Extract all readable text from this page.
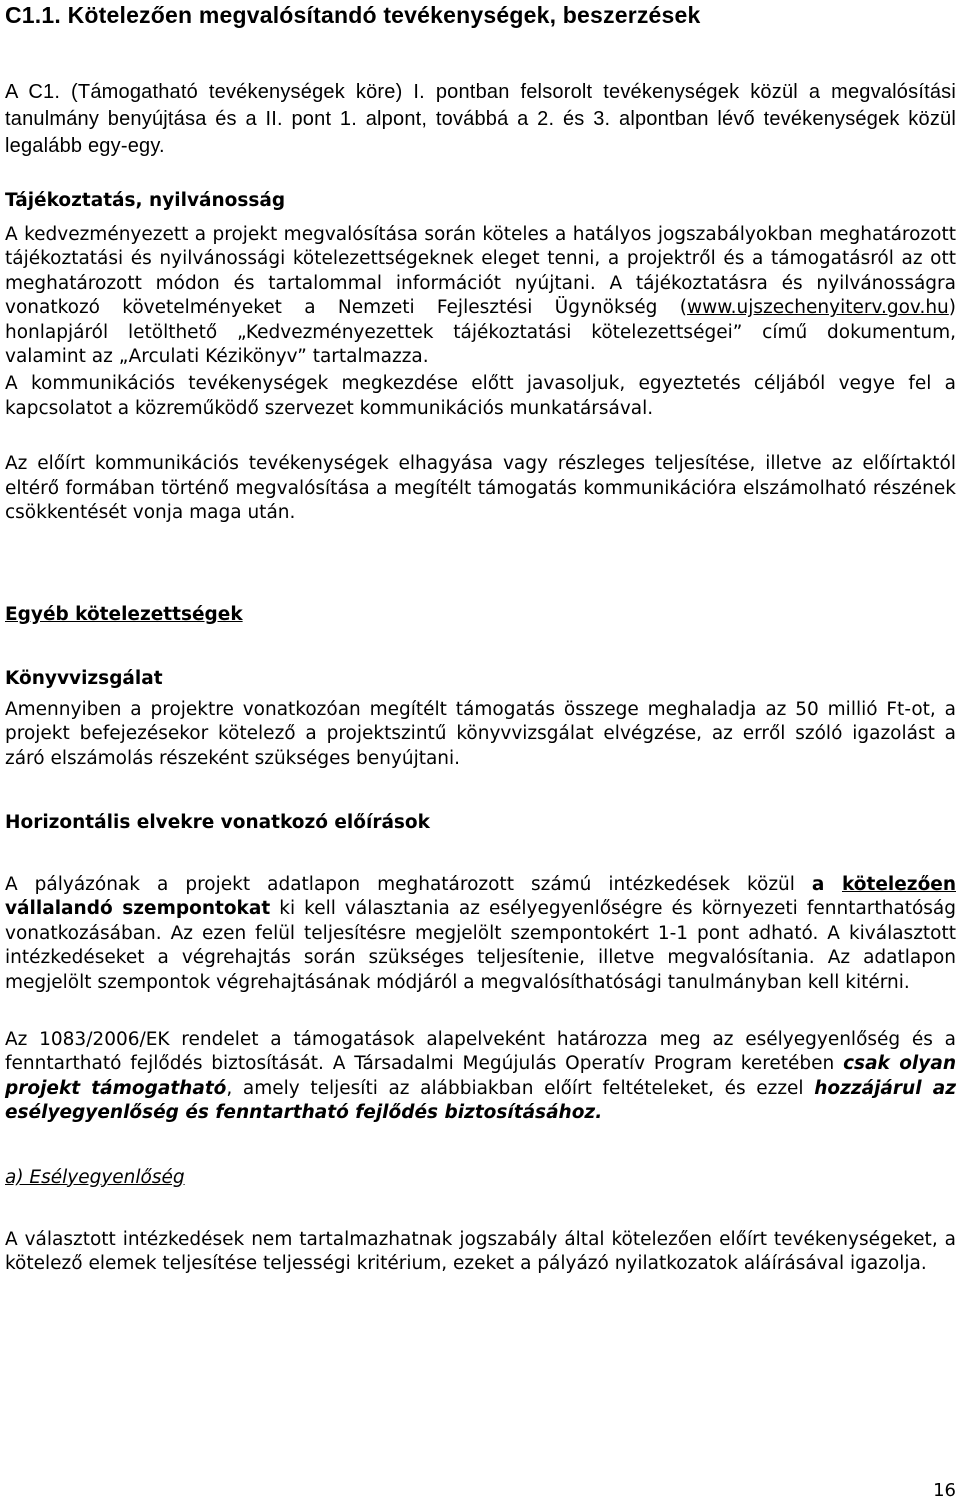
C1.1. Kötelezően megvalósítandó tevékenységek, beszerzések

A C1. (Támogatható tevékenységek köre) I. pontban felsorolt tevékenységek közül a megvalósítási tanulmány benyújtása és a II. pont 1. alpont, továbbá a 2. és 3. alpontban lévő tevékenységek közül legalább egy-egy.

Tájékoztatás, nyilvánosság

A kedvezményezett a projekt megvalósítása során köteles a hatályos jogszabályokban meghatározott tájékoztatási és nyilvánossági kötelezettségeknek eleget tenni, a projektről és a támogatásról az ott meghatározott módon és tartalommal információt nyújtani. A tájékoztatásra és nyilvánosságra vonatkozó követelményeket a Nemzeti Fejlesztési Ügynökség (www.ujszechenyiterv.gov.hu) honlapjáról letölthető „Kedvezményezettek tájékoztatási kötelezettségei” című dokumentum, valamint az „Arculati Kézikönyv” tartalmazza.

A kommunikációs tevékenységek megkezdése előtt javasoljuk, egyeztetés céljából vegye fel a kapcsolatot a közreműködő szervezet kommunikációs munkatársával.

Az előírt kommunikációs tevékenységek elhagyása vagy részleges teljesítése, illetve az előírtaktól eltérő formában történő megvalósítása a megítélt támogatás kommunikációra elszámolható részének csökkentését vonja maga után.

Egyéb kötelezettségek
Könyvvizsgálat

Amennyiben a projektre vonatkozóan megítélt támogatás összege meghaladja az 50 millió Ft-ot, a projekt befejezésekor kötelező a projektszintű könyvvizsgálat elvégzése, az erről szóló igazolást a záró elszámolás részeként szükséges benyújtani.

Horizontális elvekre vonatkozó előírások

A pályázónak a projekt adatlapon meghatározott számú intézkedések közül a kötelezően vállalandó szempontokat ki kell választania az esélyegyenlőségre és környezeti fenntarthatóság vonatkozásában. Az ezen felül teljesítésre megjelölt szempontokért 1-1 pont adható. A kiválasztott intézkedéseket a végrehajtás során szükséges teljesítenie, illetve megvalósítania. Az adatlapon megjelölt szempontok végrehajtásának módjáról a megvalósíthatósági tanulmányban kell kitérni.

Az 1083/2006/EK rendelet a támogatások alapelveként határozza meg az esélyegyenlőség és a fenntartható fejlődés biztosítását. A Társadalmi Megújulás Operatív Program keretében csak olyan projekt támogatható, amely teljesíti az alábbiakban előírt feltételeket, és ezzel hozzájárul az esélyegyenlőség és fenntartható fejlődés biztosításához.

a) Esélyegyenlőség

A választott intézkedések nem tartalmazhatnak jogszabály által kötelezően előírt tevékenységeket, a kötelező elemek teljesítése teljességi kritérium, ezeket a pályázó nyilatkozatok aláírásával igazolja.

16
